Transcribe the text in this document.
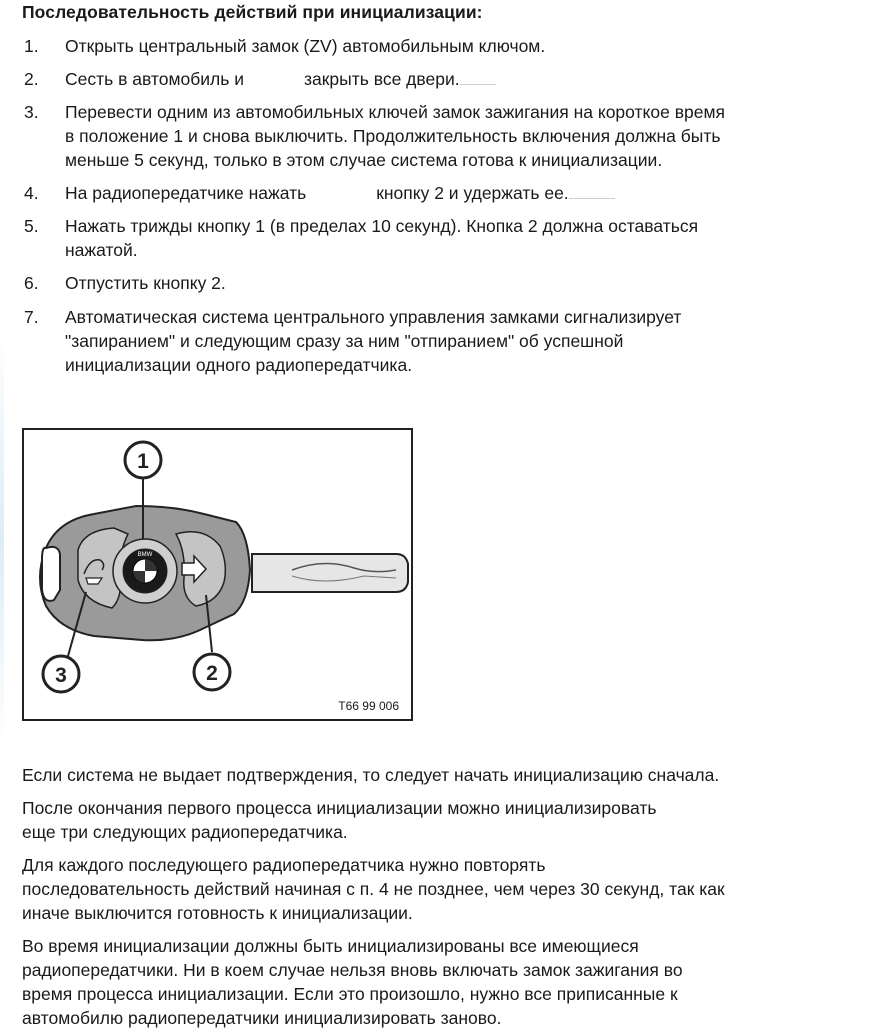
Последовательность действий при инициализации:
1. Открыть центральный замок (ZV) автомобильным ключом.
2. Сесть в автомобиль и	закрыть все двери.
3. Перевести одним из автомобильных ключей замок зажигания на короткое время
в положение 1 и снова выключить. Продолжительность включения должна быть
меньше 5 секунд, только в этом случае система готова к инициализации.
4. На радиопередатчике нажать	кнопку 2 и удержать ее.
5. Нажать трижды кнопку 1 (в пределах 10 секунд). Кнопка 2 должна оставаться
нажатой.
6. Отпустить кнопку 2.
7. Автоматическая система центрального управления замками сигнализирует
"запиранием" и следующим сразу за ним "отпиранием" об успешной
инициализации одного радиопередатчика.
BMW
1
2
3
T66 99 006
Если система не выдает подтверждения, то следует начать инициализацию сначала.
После окончания первого процесса инициализации можно инициализировать
еще три следующих радиопередатчика.
Для каждого последующего радиопередатчика нужно повторять
последовательность действий начиная с п. 4 не позднее, чем через 30 секунд, так как
иначе выключится готовность к инициализации.
Во время инициализации должны быть инициализированы все имеющиеся
радиопередатчики. Ни в коем случае нельзя вновь включать замок зажигания во
время процесса инициализации. Если это произошло, нужно все приписанные к
автомобилю радиопередатчики инициализировать заново.
